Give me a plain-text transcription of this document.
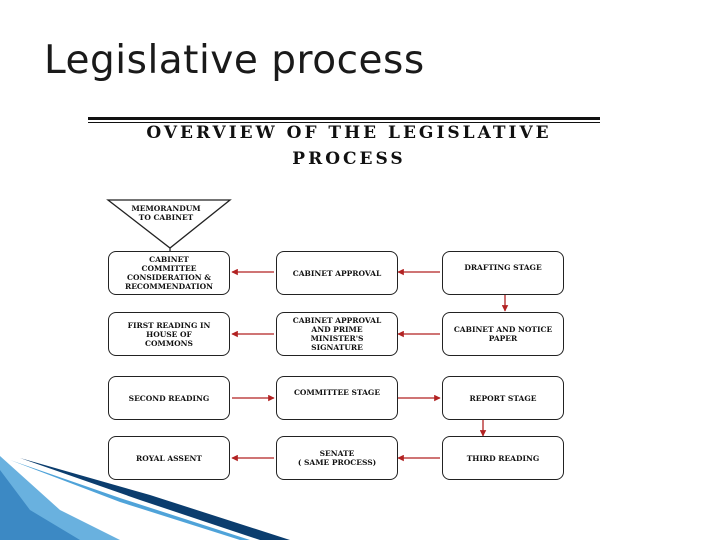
Legislative process
OVERVIEW OF THE LEGISLATIVE
PROCESS
MEMORANDUM
TO CABINET
CABINET
COMMITTEE
CONSIDERATION &
RECOMMENDATION
FIRST READING IN
HOUSE OF
COMMONS
SECOND READING
ROYAL ASSENT
CABINET APPROVAL
CABINET APPROVAL
AND PRIME
MINISTER'S
SIGNATURE
COMMITTEE STAGE
SENATE
( SAME PROCESS)
DRAFTING STAGE
CABINET AND NOTICE
PAPER
REPORT STAGE
THIRD READING
